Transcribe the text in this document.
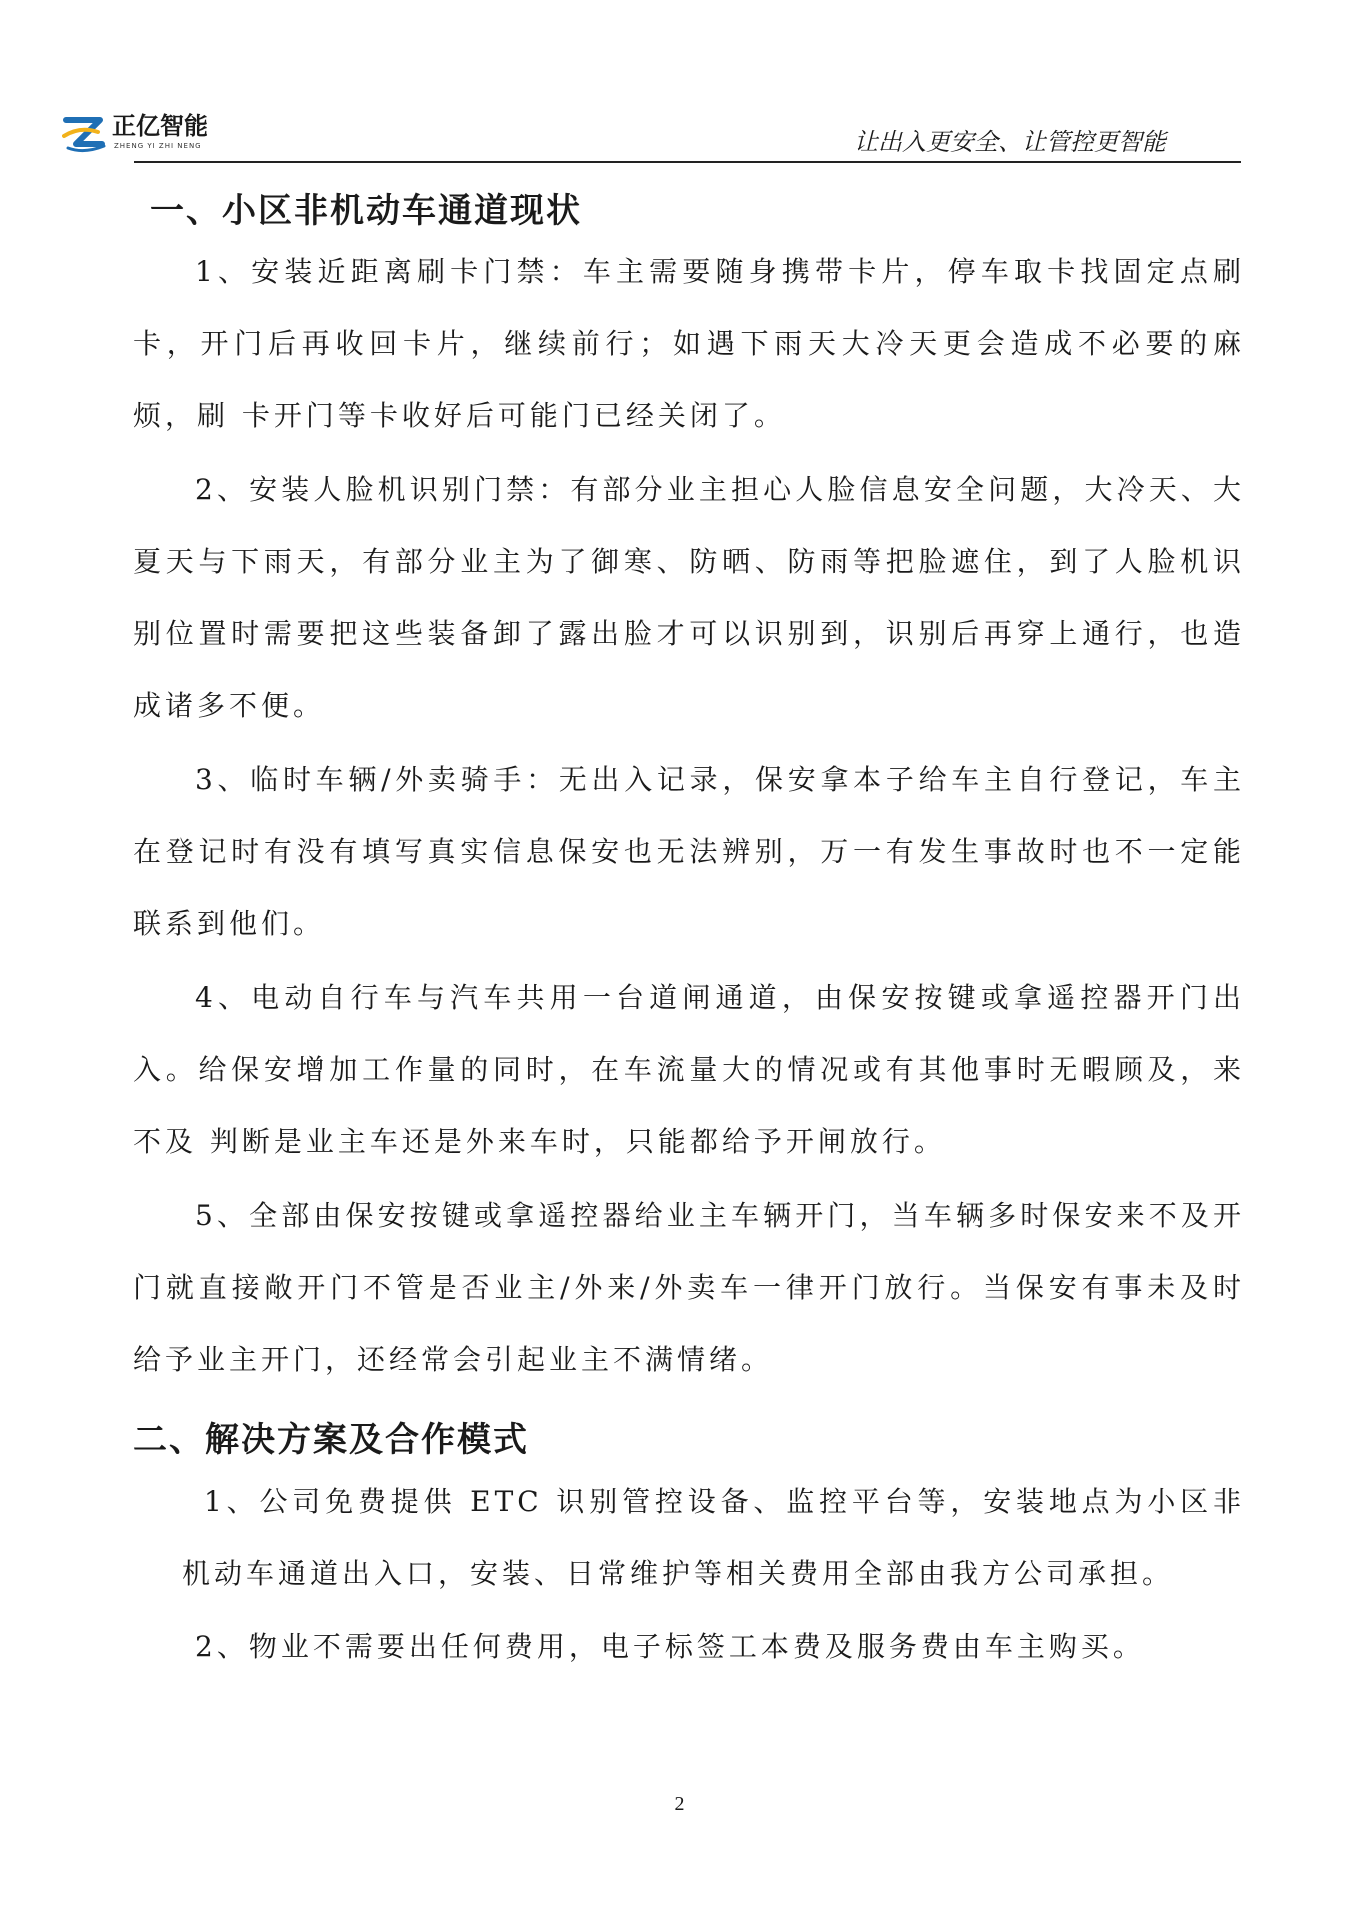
正亿智能
ZHENG YI ZHI NENG	让出入更安全、让管控更智能
一、小区非机动车通道现状
1、安装近距离刷卡门禁：车主需要随身携带卡片，停车取卡找固定点刷卡，开门后再收回卡片，继续前行；如遇下雨天大冷天更会造成不必要的麻烦，刷 卡开门等卡收好后可能门已经关闭了。
2、安装人脸机识别门禁：有部分业主担心人脸信息安全问题，大冷天、大夏天与下雨天，有部分业主为了御寒、防晒、防雨等把脸遮住，到了人脸机识别位置时需要把这些装备卸了露出脸才可以识别到，识别后再穿上通行，也造成诸多不便。
3、临时车辆/外卖骑手：无出入记录，保安拿本子给车主自行登记，车主在登记时有没有填写真实信息保安也无法辨别，万一有发生事故时也不一定能联系到他们。
4、电动自行车与汽车共用一台道闸通道，由保安按键或拿遥控器开门出入。给保安增加工作量的同时，在车流量大的情况或有其他事时无暇顾及，来不及 判断是业主车还是外来车时，只能都给予开闸放行。
5、全部由保安按键或拿遥控器给业主车辆开门，当车辆多时保安来不及开门就直接敞开门不管是否业主/外来/外卖车一律开门放行。当保安有事未及时给予业主开门，还经常会引起业主不满情绪。
二、解决方案及合作模式
1、公司免费提供 ETC 识别管控设备、监控平台等，安装地点为小区非机动车通道出入口，安装、日常维护等相关费用全部由我方公司承担。
2、物业不需要出任何费用，电子标签工本费及服务费由车主购买。
2
